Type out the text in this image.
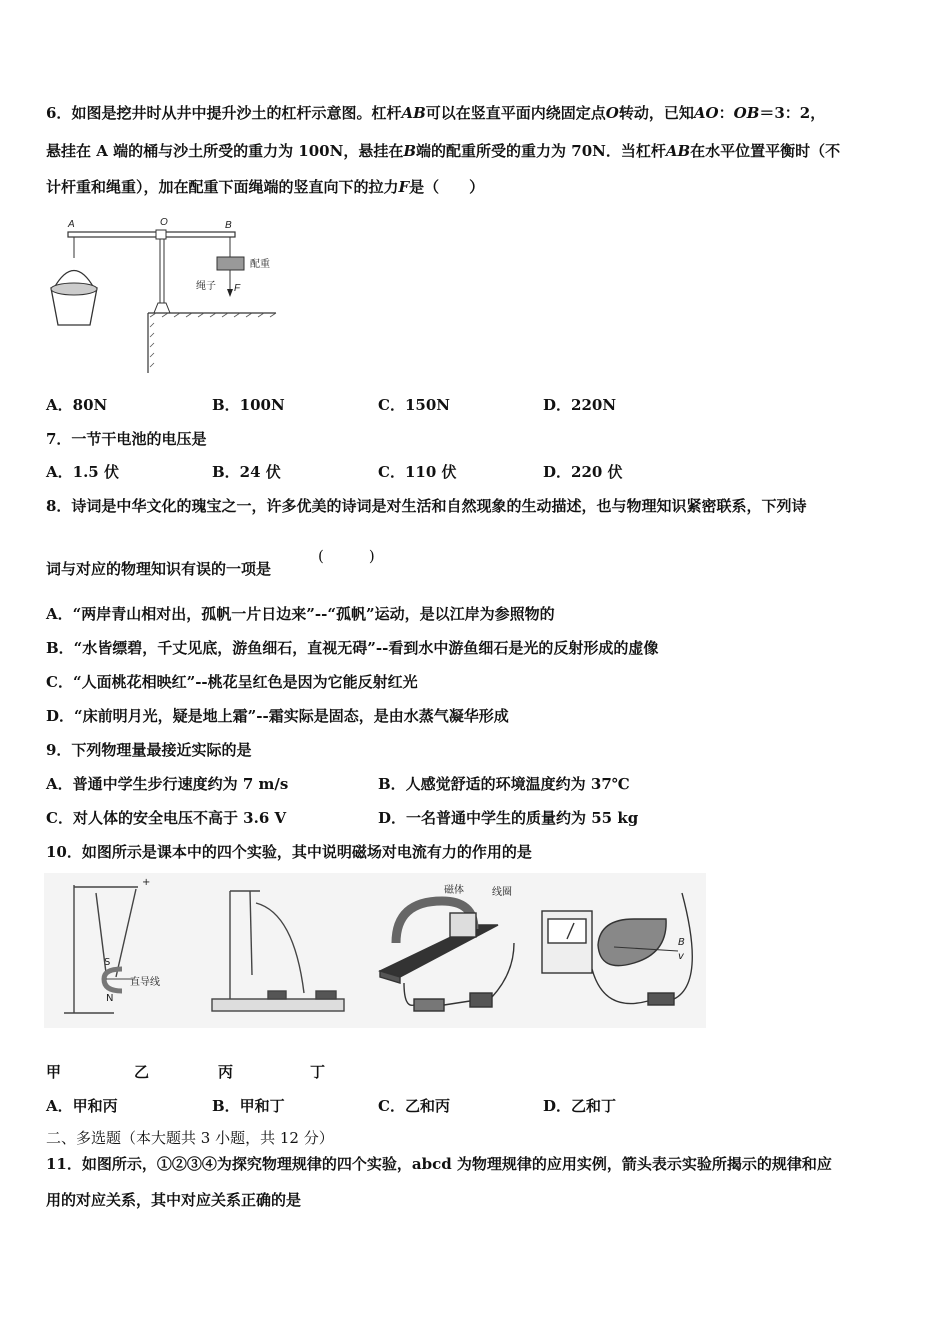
6．如图是挖井时从井中提升沙土的杠杆示意图。杠杆AB可以在竖直平面内绕固定点O转动，已知AO：OB＝3：2，
悬挂在 A 端的桶与沙土所受的重力为 100N，悬挂在B端的配重所受的重力为 70N．当杠杆AB在水平位置平衡时（不
计杆重和绳重），加在配重下面绳端的竖直向下的拉力F是（　　）
A	O	B
F
配重
绳子
A．80N	B．100N	C．150N	D．220N
7．一节干电池的电压是
A．1.5 伏	B．24 伏	C．110 伏	D．220 伏
8．诗词是中华文化的瑰宝之一，许多优美的诗词是对生活和自然现象的生动描述，也与物理知识紧密联系，下列诗
(　　　)
词与对应的物理知识有误的一项是
A．“两岸青山相对出，孤帆一片日边来”--“孤帆”运动，是以江岸为参照物的
B．“水皆缥碧，千丈见底，游鱼细石，直视无碍”--看到水中游鱼细石是光的反射形成的虚像
C．“人面桃花相映红”--桃花呈红色是因为它能反射红光
D．“床前明月光，疑是地上霜”--霜实际是固态，是由水蒸气凝华形成
9．下列物理量最接近实际的是
A．普通中学生步行速度约为 7 m/s	B．人感觉舒适的环境温度约为 37℃
C．对人体的安全电压不高于 3.6 V	D．一名普通中学生的质量约为 55 kg
10．如图所示是课本中的四个实验，其中说明磁场对电流有力的作用的是
+
S
N
直导线
磁体	线圈
B
v
甲	乙	丙	丁
A．甲和丙	B．甲和丁	C．乙和丙	D．乙和丁
二、多选题（本大题共 3 小题，共 12 分）
11．如图所示，①②③④为探究物理规律的四个实验，abcd 为物理规律的应用实例，箭头表示实验所揭示的规律和应
用的对应关系，其中对应关系正确的是
